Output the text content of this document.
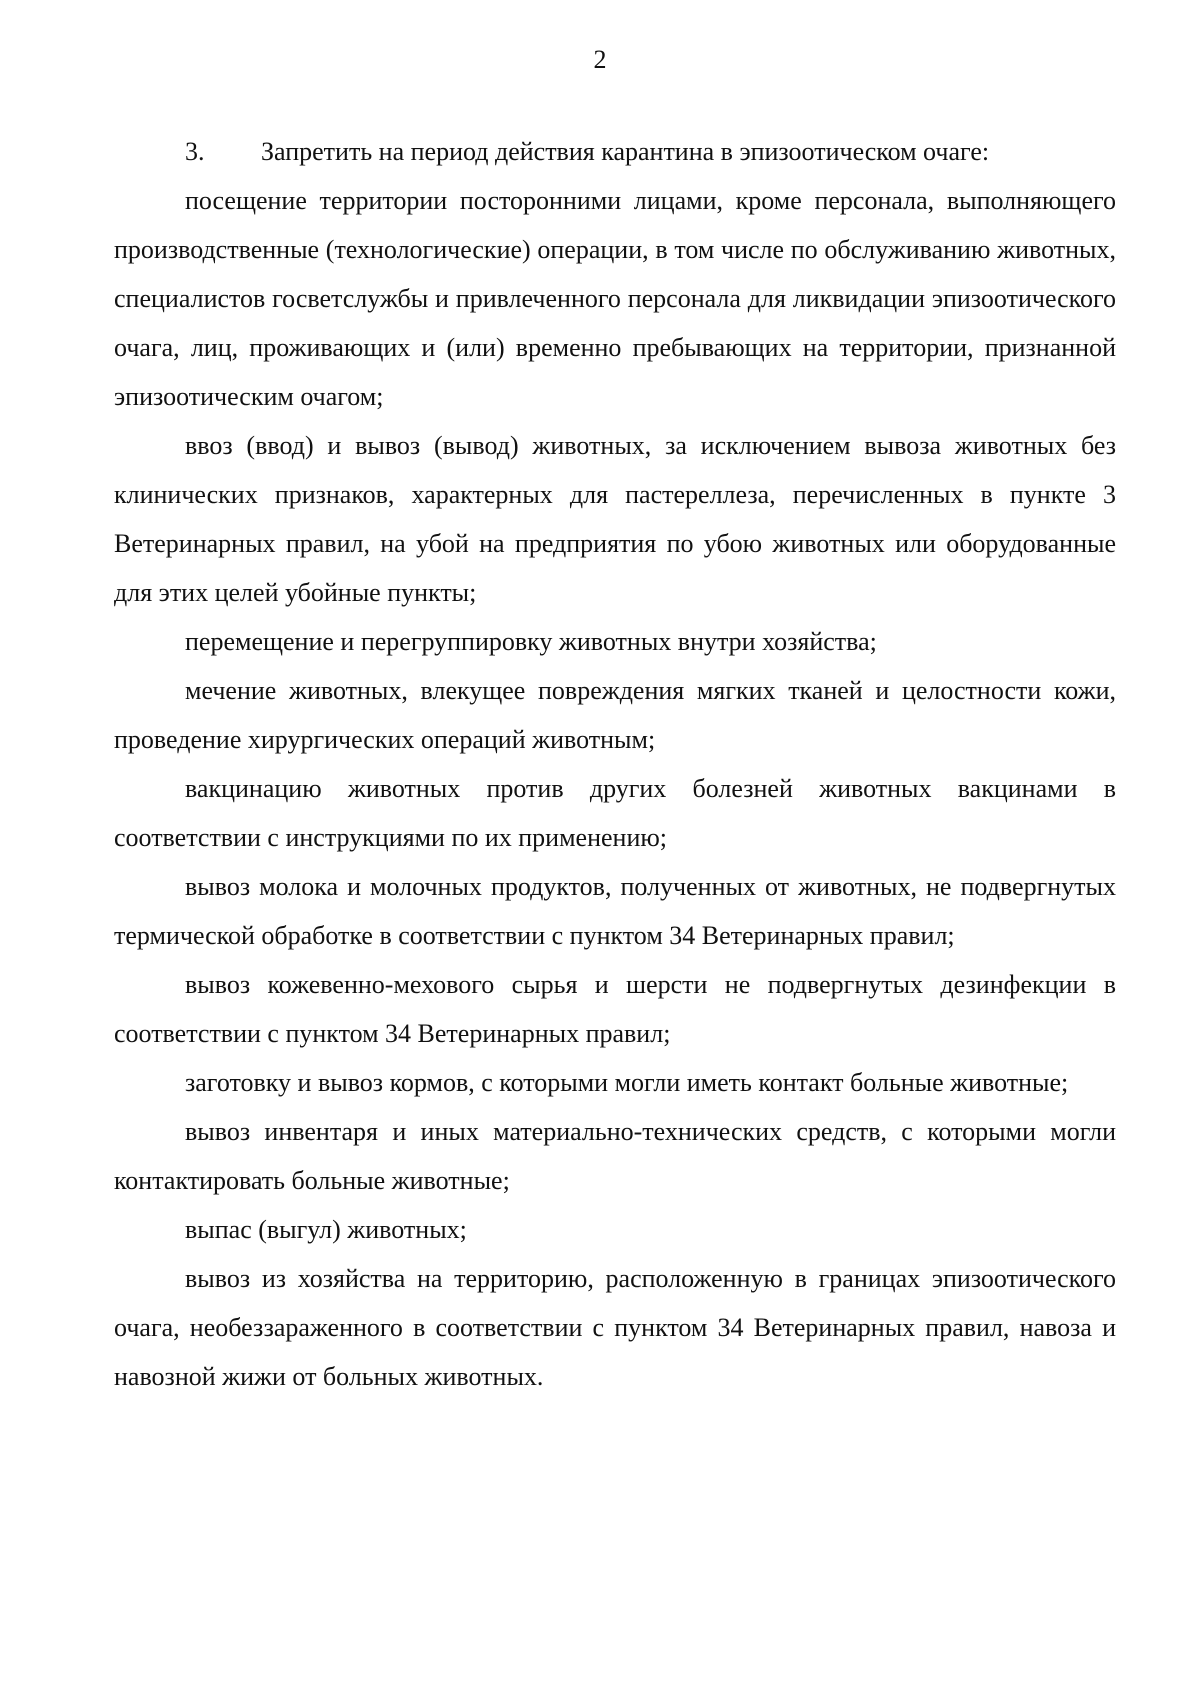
2
3.	Запретить на период действия карантина в эпизоотическом очаге:

посещение территории посторонними лицами, кроме персонала, выполняющего производственные (технологические) операции, в том числе по обслуживанию животных, специалистов госветслужбы и привлеченного персонала для ликвидации эпизоотического очага, лиц, проживающих и (или) временно пребывающих на территории, признанной эпизоотическим очагом;

ввоз (ввод) и вывоз (вывод) животных, за исключением вывоза животных без клинических признаков, характерных для пастереллеза, перечисленных в пункте 3 Ветеринарных правил, на убой на предприятия по убою животных или оборудованные для этих целей убойные пункты;

перемещение и перегруппировку животных внутри хозяйства;

мечение животных, влекущее повреждения мягких тканей и целостности кожи, проведение хирургических операций животным;

вакцинацию животных против других болезней животных вакцинами в соответствии с инструкциями по их применению;

вывоз молока и молочных продуктов, полученных от животных, не подвергнутых термической обработке в соответствии с пунктом 34 Ветеринарных правил;

вывоз кожевенно-мехового сырья и шерсти не подвергнутых дезинфекции в соответствии с пунктом 34 Ветеринарных правил;

заготовку и вывоз кормов, с которыми могли иметь контакт больные животные;

вывоз инвентаря и иных материально-технических средств, с которыми могли контактировать больные животные;

выпас (выгул) животных;

вывоз из хозяйства на территорию, расположенную в границах эпизоотического очага, необеззараженного в соответствии с пунктом 34 Ветеринарных правил, навоза и навозной жижи от больных животных.
